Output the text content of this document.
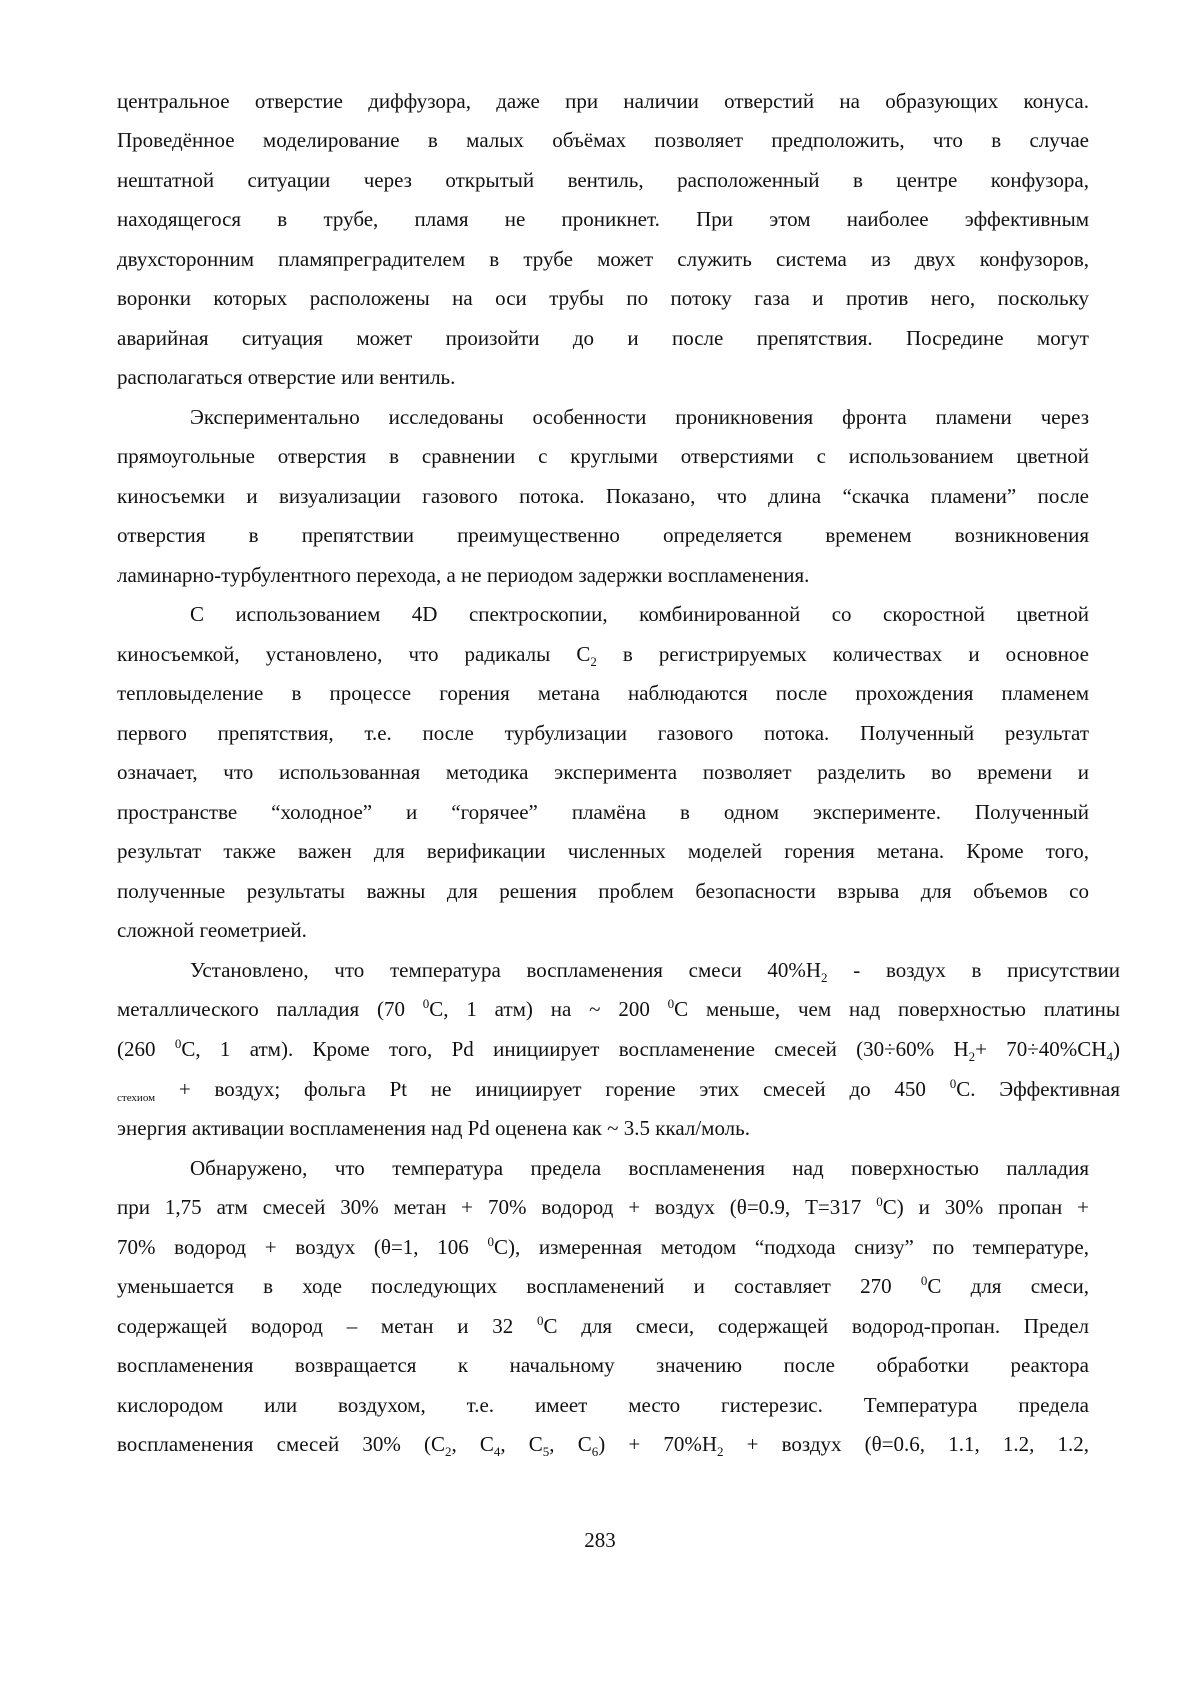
центральное отверстие диффузора, даже при наличии отверстий на образующих конуса.
Проведённое моделирование в малых объёмах позволяет предположить, что в случае
нештатной ситуации через открытый вентиль, расположенный в центре конфузора,
находящегося в трубе, пламя не проникнет. При этом наиболее эффективным
двухсторонним пламяпреградителем в трубе может служить система из двух конфузоров,
воронки которых расположены на оси трубы по потоку газа и против него, поскольку
аварийная ситуация может произойти до и после препятствия. Посредине могут
располагаться отверстие или вентиль.
Экспериментально исследованы особенности проникновения фронта пламени через
прямоугольные отверстия в сравнении с круглыми отверстиями с использованием цветной
киносъемки и визуализации газового потока. Показано, что длина “скачка пламени” после
отверстия в препятствии преимущественно определяется временем возникновения
ламинарно-турбулентного перехода, а не периодом задержки воспламенения.
С использованием 4D спектроскопии, комбинированной со скоростной цветной
киносъемкой, установлено, что радикалы $C_2$ в регистрируемых количествах и основное
тепловыделение в процессе горения метана наблюдаются после прохождения пламенем
первого препятствия, т.е. после турбулизации газового потока. Полученный результат
означает, что использованная методика эксперимента позволяет разделить во времени и
пространстве “холодное” и “горячее” пламёна в одном эксперименте. Полученный
результат также важен для верификации численных моделей горения метана. Кроме того,
полученные результаты важны для решения проблем безопасности взрыва для объемов со
сложной геометрией.
Установлено, что температура воспламенения смеси $40\%H_2$ - воздух в присутствии
металлического палладия (70 $^0$C, 1 атм) на ~ 200 $^0$C меньше, чем над поверхностью платины
(260 $^0$C, 1 атм). Кроме того, Pd инициирует воспламенение смесей (30÷60% $H_2+ 70\div 40\%CH_4$)
$_{стехиом}$ + воздух; фольга Pt не инициирует горение этих смесей до 450 $^0$C. Эффективная
энергия активации воспламенения над Pd оценена как ~ 3.5 ккал/моль.
Обнаружено, что температура предела воспламенения над поверхностью палладия
при 1,75 атм смесей 30% метан + 70% водород + воздух (θ=0.9, T=317 $^0$C) и 30% пропан +
70% водород + воздух (θ=1, 106 $^0$C), измеренная методом “подхода снизу” по температуре,
уменьшается в ходе последующих воспламенений и составляет 270 $^0$C для смеси,
содержащей водород – метан и 32 $^0$C для смеси, содержащей водород-пропан. Предел
воспламенения возвращается к начальному значению после обработки реактора
кислородом или воздухом, т.е. имеет место гистерезис. Температура предела
воспламенения смесей 30% ($C_2$, $C_4$, $C_5$, $C_6) + 70\%H_2$ + воздух (θ=0.6, 1.1, 1.2, 1.2,
283
